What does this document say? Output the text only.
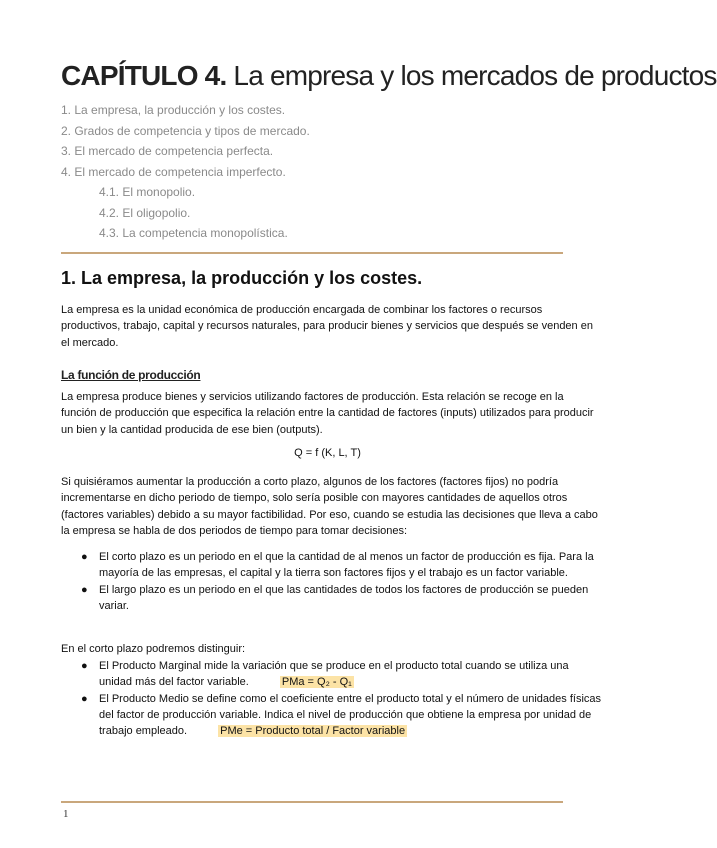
CAPÍTULO 4. La empresa y los mercados de productos
1. La empresa, la producción y los costes.
2. Grados de competencia y tipos de mercado.
3. El mercado de competencia perfecta.
4. El mercado de competencia imperfecto.
4.1. El monopolio.
4.2. El oligopolio.
4.3. La competencia monopolística.
1. La empresa, la producción y los costes.
La empresa es la unidad económica de producción encargada de combinar los factores o recursos productivos, trabajo, capital y recursos naturales, para producir bienes y servicios que después se venden en el mercado.
La función de producción
La empresa produce bienes y servicios utilizando factores de producción. Esta relación se recoge en la función de producción que especifica la relación entre la cantidad de factores (inputs) utilizados para producir un bien y la cantidad producida de ese bien (outputs).
Q = f (K, L, T)
Si quisiéramos aumentar la producción a corto plazo, algunos de los factores (factores fijos) no podría incrementarse en dicho periodo de tiempo, solo sería posible con mayores cantidades de aquellos otros (factores variables) debido a su mayor factibilidad. Por eso, cuando se estudia las decisiones que lleva a cabo la empresa se habla de dos periodos de tiempo para tomar decisiones:
● El corto plazo es un periodo en el que la cantidad de al menos un factor de producción es fija. Para la mayoría de las empresas, el capital y la tierra son factores fijos y el trabajo es un factor variable.
● El largo plazo es un periodo en el que las cantidades de todos los factores de producción se pueden variar.
En el corto plazo podremos distinguir:
● El Producto Marginal mide la variación que se produce en el producto total cuando se utiliza una unidad más del factor variable.	PMa = Q₂ - Q₁
● El Producto Medio se define como el coeficiente entre el producto total y el número de unidades físicas del factor de producción variable. Indica el nivel de producción que obtiene la empresa por unidad de trabajo empleado.	PMe = Producto total / Factor variable
1
